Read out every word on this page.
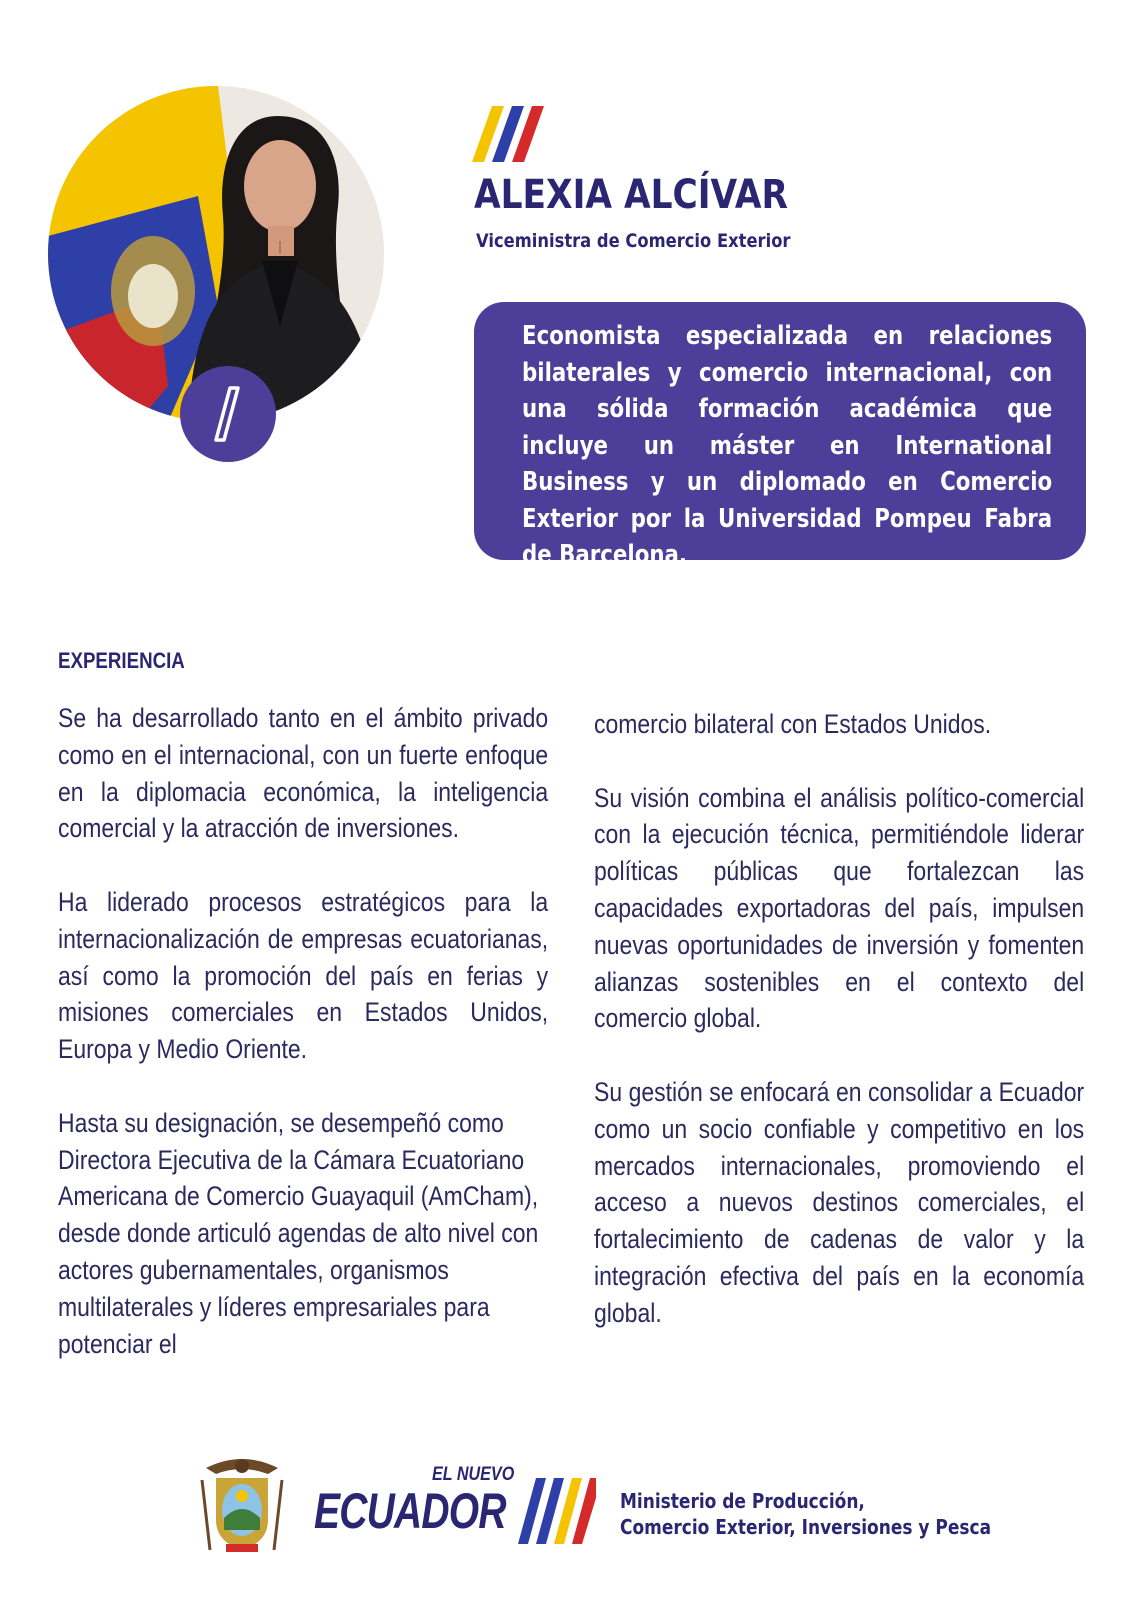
ALEXIA ALCÍVAR
Viceministra de Comercio Exterior
Economista especializada en relaciones bilaterales y comercio internacional, con una sólida formación académica que incluye un máster en International Business y un diplomado en Comercio Exterior por la Universidad Pompeu Fabra de Barcelona.
EXPERIENCIA

Se ha desarrollado tanto en el ámbito privado como en el internacional, con un fuerte enfoque en la diplomacia económica, la inteligencia comercial y la atracción de inversiones.

Ha liderado procesos estratégicos para la internacionalización de empresas ecuatorianas, así como la promoción del país en ferias y misiones comerciales en Estados Unidos, Europa y Medio Oriente.

Hasta su designación, se desempeñó como Directora Ejecutiva de la Cámara Ecuatoriano Americana de Comercio Guayaquil (AmCham), desde donde articuló agendas de alto nivel con actores gubernamentales, organismos multilaterales y líderes empresariales para potenciar el

comercio bilateral con Estados Unidos.

Su visión combina el análisis político-comercial con la ejecución técnica, permitiéndole liderar políticas públicas que fortalezcan las capacidades exportadoras del país, impulsen nuevas oportunidades de inversión y fomenten alianzas sostenibles en el contexto del comercio global.

Su gestión se enfocará en consolidar a Ecuador como un socio confiable y competitivo en los mercados internacionales, promoviendo el acceso a nuevos destinos comerciales, el fortalecimiento de cadenas de valor y la integración efectiva del país en la economía global.

EL NUEVO
ECUADOR	Ministerio de Producción,
Comercio Exterior, Inversiones y Pesca
